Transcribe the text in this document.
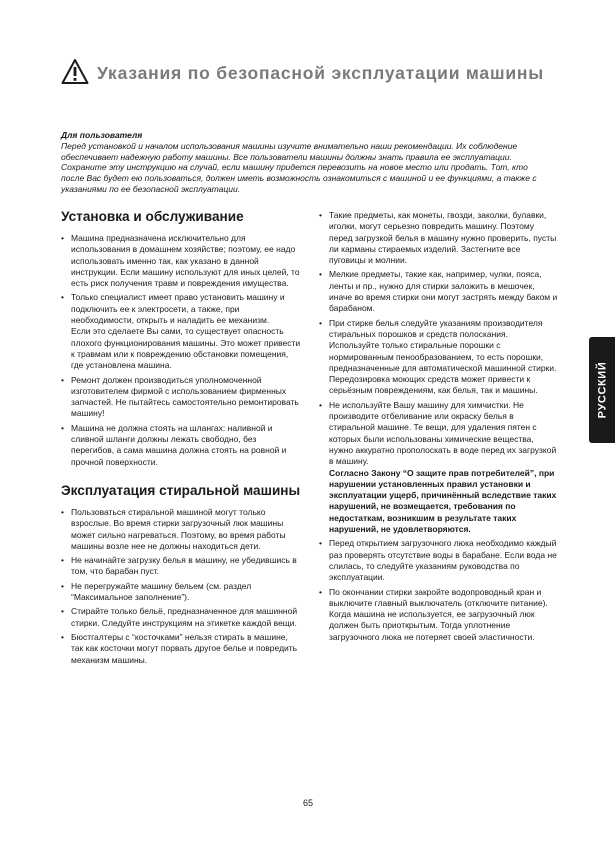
Указания по безопасной эксплуатации машины
Для пользователя
Перед установкой и началом использования машины изучите внимательно наши рекомендации. Их соблюдение обеспечивает надежную работу машины. Все пользователи машины должны знать правила ее эксплуатации. Сохраните эту инструкцию на случай, если машину придется перевозить на новое место или продать. Тот, кто после Вас будет ею пользоваться, должен иметь возможность ознакомиться с машиной и ее функциями, а также с указаниями по ее безопасной эксплуатации.
Установка и обслуживание
• Машина предназначена исключительно для использования в домашнем хозяйстве; поэтому, ее надо использовать именно так, как указано в данной инструкции. Если машину используют для иных целей, то есть риск получения травм и повреждения имущества.
• Только специалист имеет право установить машину и подключить ее к электросети, а также, при необходимости, открыть и наладить ее механизм.

Если это сделаете Вы сами, то существует опасность плохого функционирования машины. Это может привести к травмам или к повреждению обстановки помещения, где установлена машина.

• Ремонт должен производиться уполномоченной изготовителем фирмой с использованием фирменных запчастей. Не пытайтесь самостоятельно ремонтировать машину!
• Машина не должна стоять на шлангах: наливной и сливной шланги должны лежать свободно, без перегибов, а сама машина должна стоять на ровной и прочной поверхности.
Эксплуатация стиральной машины
• Пользоваться стиральной машиной могут только взрослые. Во время стирки загрузочный люк машины может сильно нагреваться. Поэтому, во время работы машины возле нее не должны находиться дети.
• Не начинайте загрузку белья в машину, не убедившись в том, что барабан пуст.
• Не перегружайте машину бельем (см. раздел “Максимальное заполнение”).
• Стирайте только бельё, предназначенное для машинной стирки. Следуйте инструкциям на этикетке каждой вещи.
• Бюстгалтеры с “косточками” нельзя стирать в машине, так как косточки могут порвать другое белье и повредить механизм машины.
• Такие предметы, как монеты, гвозди, заколки, булавки, иголки, могут серьезно повредить машину. Поэтому перед загрузкой белья в машину нужно проверить, пусты ли карманы стираемых изделий. Застегните все пуговицы и молнии.
• Мелкие предметы, такие как, например, чулки, пояса, ленты и пр., нужно для стирки заложить в мешочек, иначе во время стирки они могут застрять между баком и барабаном.
• При стирке белья следуйте указаниям производителя стиральных порошков и средств полоскания. Используйте только стиральные порошки с нормированным пенообразованием, то есть порошки, предназначенные для автоматической машинной стирки.

Передозировка моющих средств может привести к серьёзным повреждениям, как белья, так и машины.

• Не используйте Вашу машину для химчистки. Не производите отбеливание или окраску белья в стиральной машине. Те вещи, для удаления пятен с которых были использованы химические вещества, нужно аккуратно прополоскать в воде перед их загрузкой в машину.

Согласно Закону “О защите прав потребителей”, при нарушении установленных правил установки и эксплуатации ущерб, причинённый вследствие таких нарушений, не возмещается, требования по недостаткам, возникшим в результате таких нарушений, не удовлетворяются.

• Перед открытием загрузочного люка необходимо каждый раз проверять отсутствие воды в барабане. Если вода не слилась, то следуйте указаниям руководства по эксплуатации.
• По окончании стирки закройте водопроводный кран и выключите главный выключатель (отключите питание). Когда машина не используется, ее загрузочный люк должен быть приоткрытым. Тогда уплотнение загрузочного люка не потеряет своей эластичности.
РУССКИЙ
65
